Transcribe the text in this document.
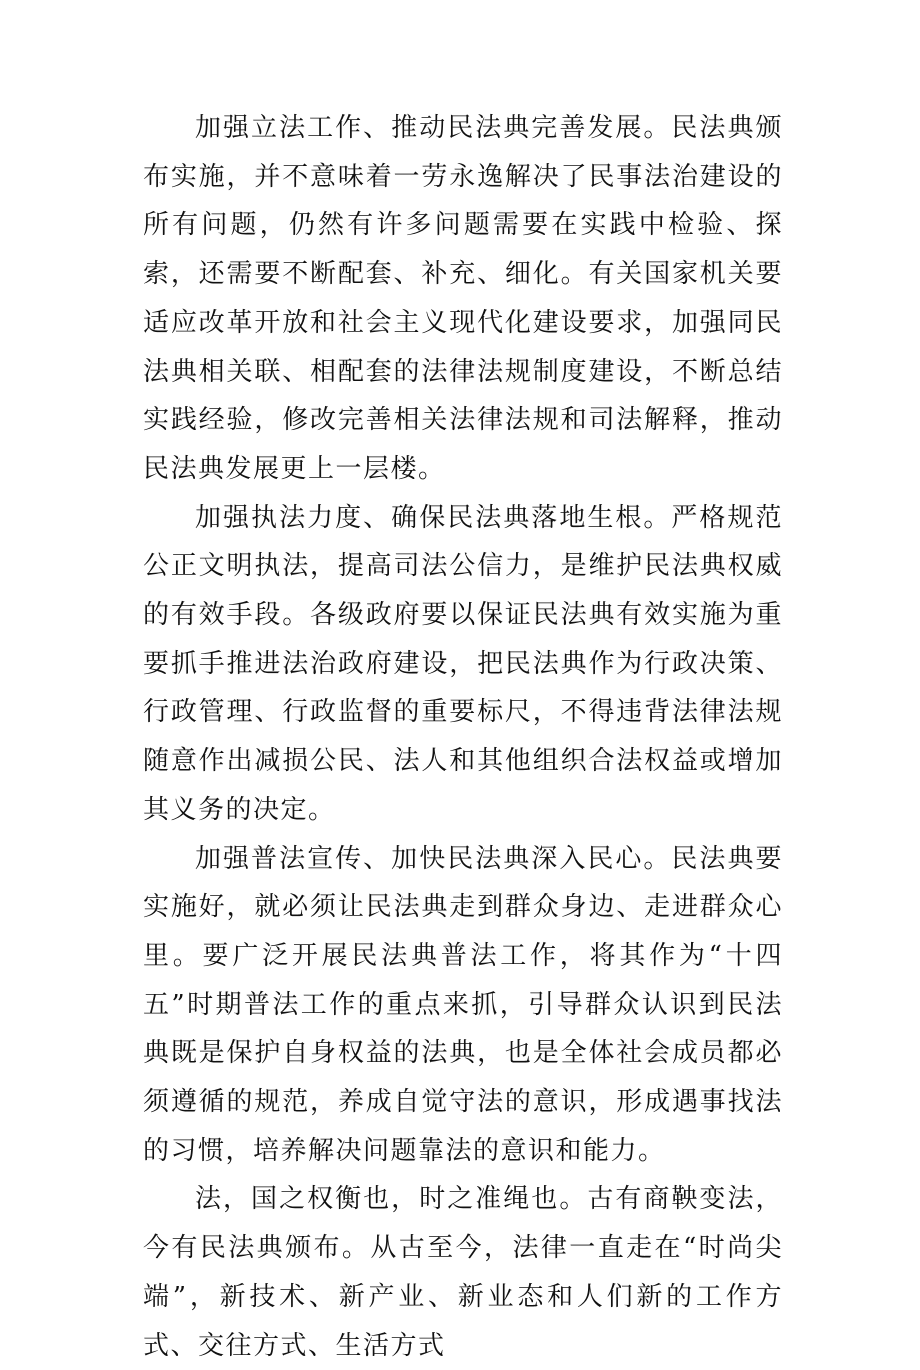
加强立法工作、推动民法典完善发展。民法典颁布实施，并不意味着一劳永逸解决了民事法治建设的所有问题，仍然有许多问题需要在实践中检验、探索，还需要不断配套、补充、细化。有关国家机关要适应改革开放和社会主义现代化建设要求，加强同民法典相关联、相配套的法律法规制度建设，不断总结实践经验，修改完善相关法律法规和司法解释，推动民法典发展更上一层楼。

加强执法力度、确保民法典落地生根。严格规范公正文明执法，提高司法公信力，是维护民法典权威的有效手段。各级政府要以保证民法典有效实施为重要抓手推进法治政府建设，把民法典作为行政决策、行政管理、行政监督的重要标尺，不得违背法律法规随意作出减损公民、法人和其他组织合法权益或增加其义务的决定。

加强普法宣传、加快民法典深入民心。民法典要实施好，就必须让民法典走到群众身边、走进群众心里。要广泛开展民法典普法工作，将其作为“十四五”时期普法工作的重点来抓，引导群众认识到民法典既是保护自身权益的法典，也是全体社会成员都必须遵循的规范，养成自觉守法的意识，形成遇事找法的习惯，培养解决问题靠法的意识和能力。

法，国之权衡也，时之准绳也。古有商鞅变法，今有民法典颁布。从古至今，法律一直走在“时尚尖端”，新技术、新产业、新业态和人们新的工作方式、交往方式、生活方式
